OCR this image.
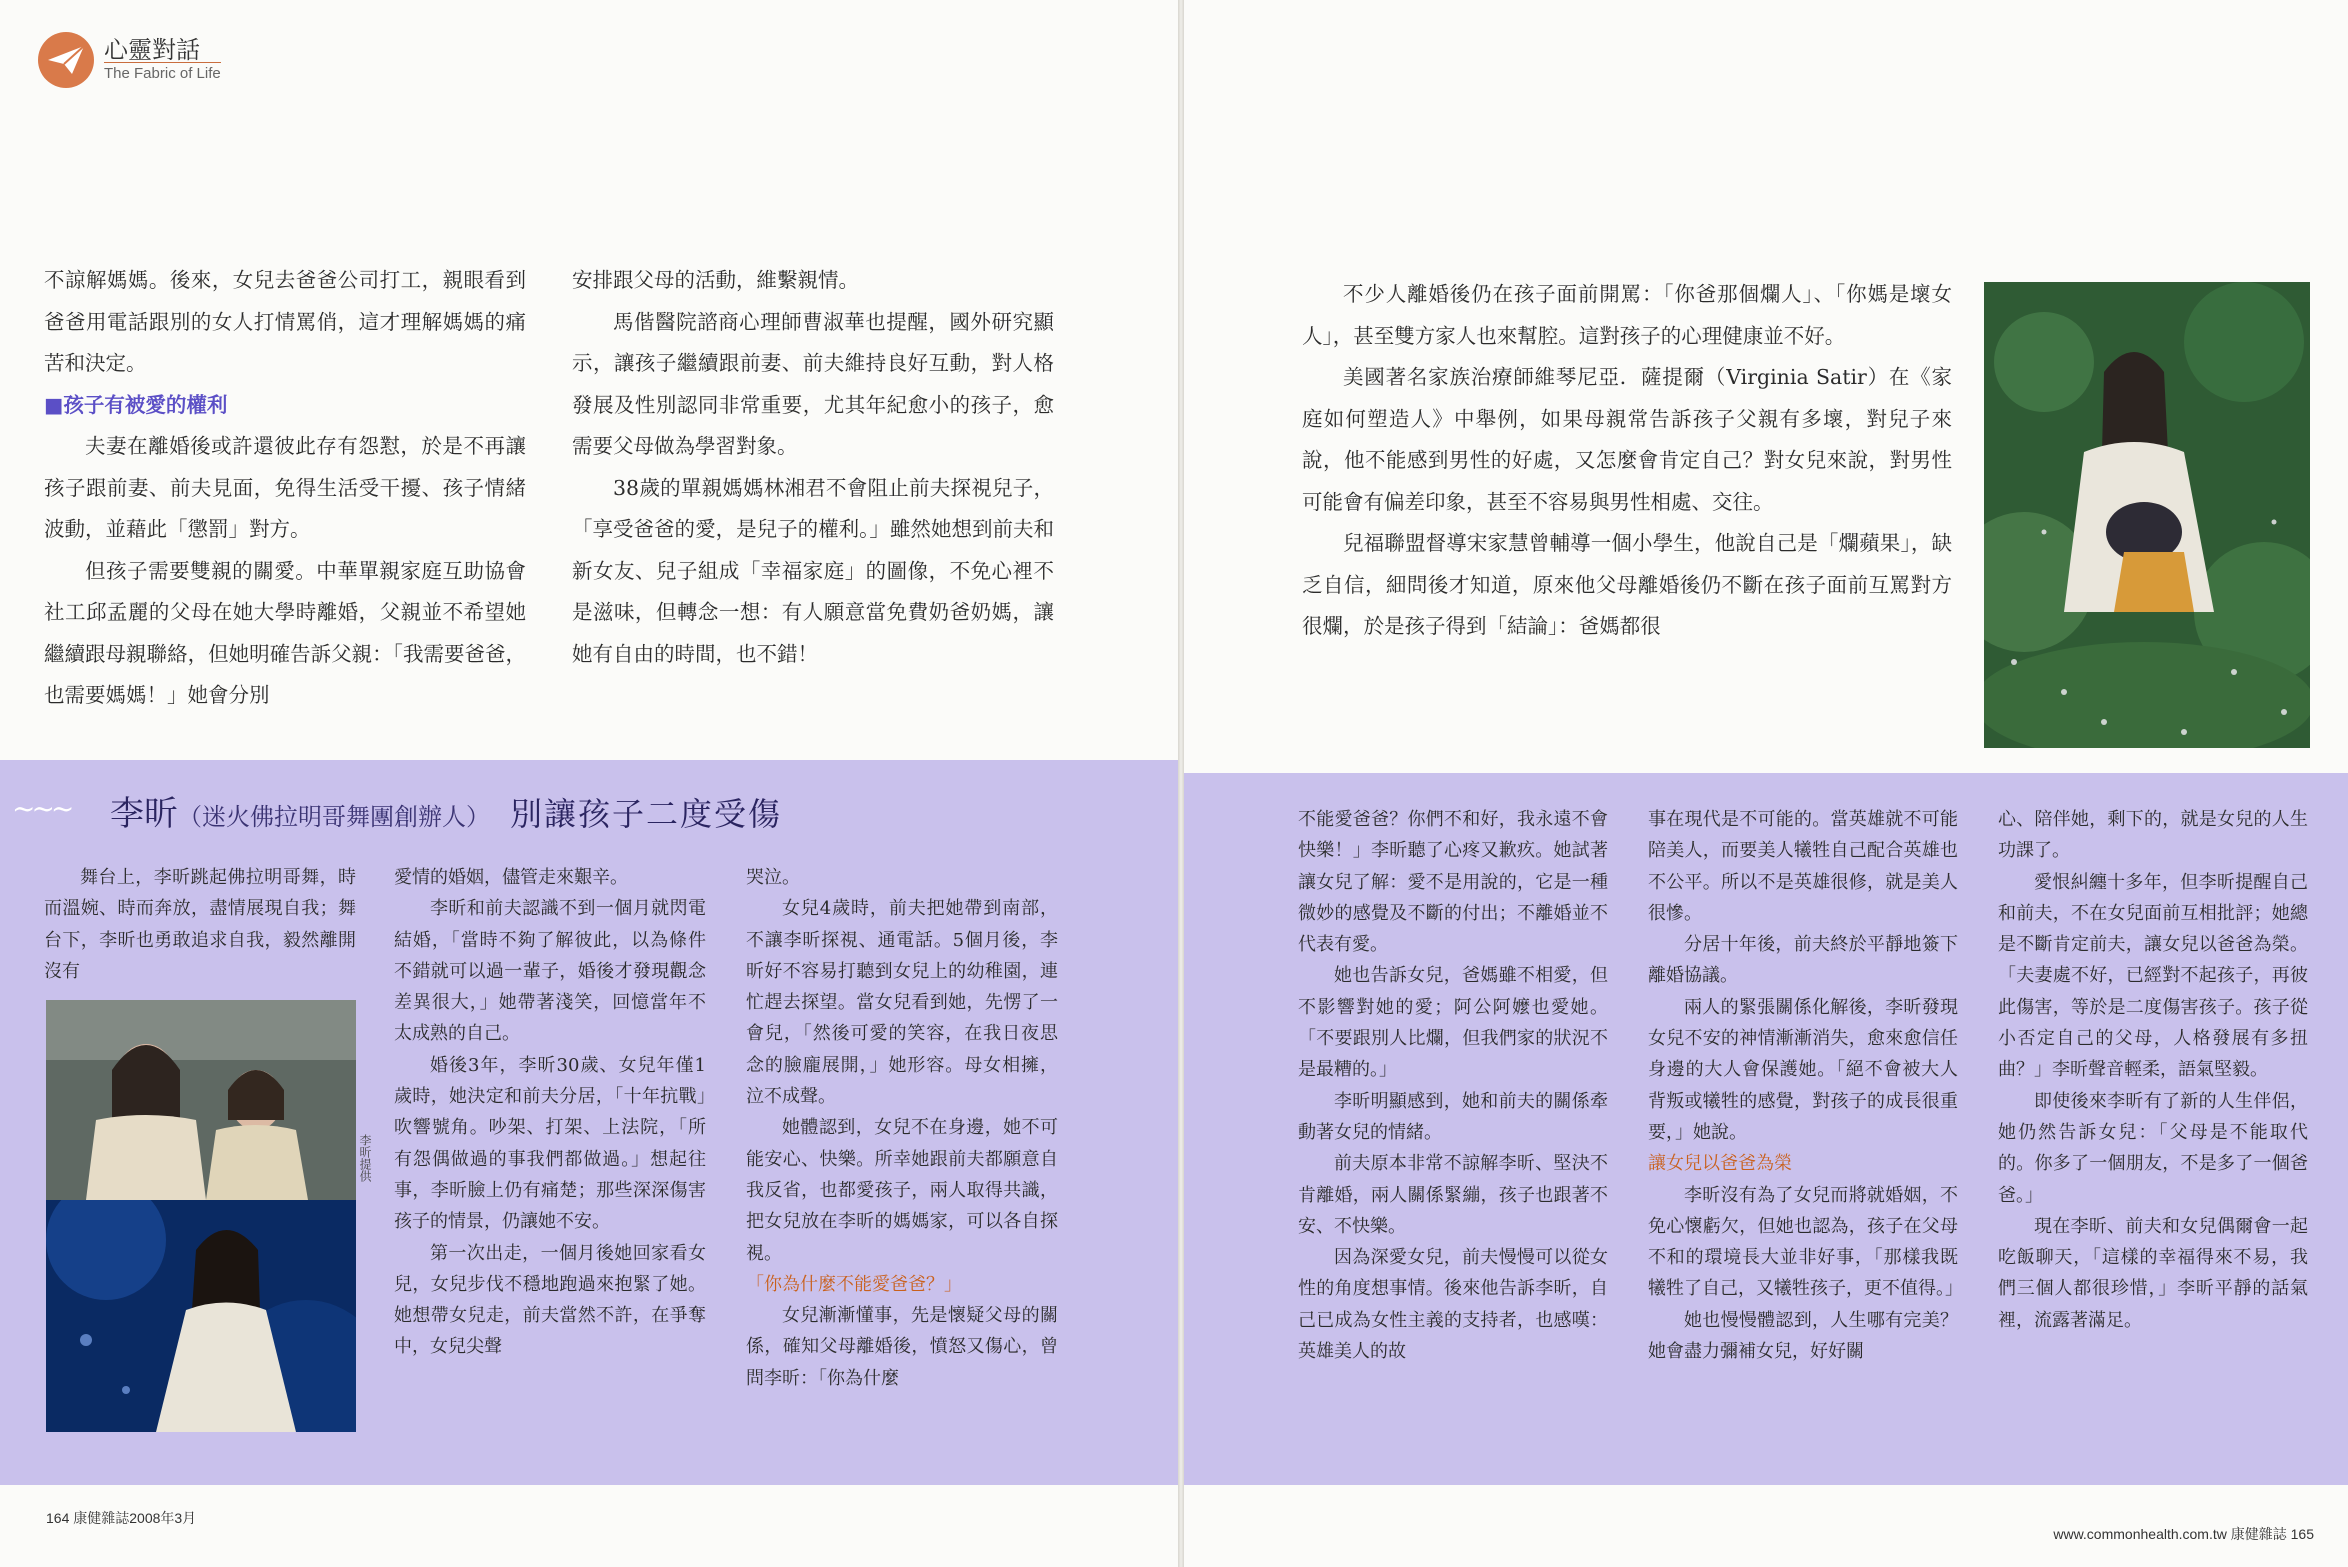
心靈對話
The Fabric of Life

不諒解媽媽。後來，女兒去爸爸公司打工，親眼看到爸爸用電話跟別的女人打情罵俏，這才理解媽媽的痛苦和決定。

■孩子有被愛的權利

夫妻在離婚後或許還彼此存有怨懟，於是不再讓孩子跟前妻、前夫見面，免得生活受干擾、孩子情緒波動，並藉此「懲罰」對方。

但孩子需要雙親的關愛。中華單親家庭互助協會社工邱孟麗的父母在她大學時離婚，父親並不希望她繼續跟母親聯絡，但她明確告訴父親：「我需要爸爸，也需要媽媽！」她會分別

安排跟父母的活動，維繫親情。

馬偕醫院諮商心理師曹淑華也提醒，國外研究顯示，讓孩子繼續跟前妻、前夫維持良好互動，對人格發展及性別認同非常重要，尤其年紀愈小的孩子，愈需要父母做為學習對象。

38歲的單親媽媽林湘君不會阻止前夫探視兒子，「享受爸爸的愛，是兒子的權利。」雖然她想到前夫和新女友、兒子組成「幸福家庭」的圖像，不免心裡不是滋味，但轉念一想：有人願意當免費奶爸奶媽，讓她有自由的時間，也不錯！

不少人離婚後仍在孩子面前開罵：「你爸那個爛人」、「你媽是壞女人」，甚至雙方家人也來幫腔。這對孩子的心理健康並不好。

美國著名家族治療師維琴尼亞．薩提爾（Virginia Satir）在《家庭如何塑造人》中舉例，如果母親常告訴孩子父親有多壞，對兒子來說，他不能感到男性的好處，又怎麼會肯定自己？對女兒來說，對男性可能會有偏差印象，甚至不容易與男性相處、交往。

兒福聯盟督導宋家慧曾輔導一個小學生，他說自己是「爛蘋果」，缺乏自信，細問後才知道，原來他父母離婚後仍不斷在孩子面前互罵對方很爛，於是孩子得到「結論」：爸媽都很

~~~ 李昕（迷火佛拉明哥舞團創辦人） 別讓孩子二度受傷

舞台上，李昕跳起佛拉明哥舞，時而溫婉、時而奔放，盡情展現自我；舞台下，李昕也勇敢追求自我，毅然離開沒有

李昕提供

愛情的婚姻，儘管走來艱辛。

李昕和前夫認識不到一個月就閃電結婚，「當時不夠了解彼此，以為條件不錯就可以過一輩子，婚後才發現觀念差異很大，」她帶著淺笑，回憶當年不太成熟的自己。

婚後3年，李昕30歲、女兒年僅1歲時，她決定和前夫分居，「十年抗戰」吹響號角。吵架、打架、上法院，「所有怨偶做過的事我們都做過。」想起往事，李昕臉上仍有痛楚；那些深深傷害孩子的情景，仍讓她不安。

第一次出走，一個月後她回家看女兒，女兒步伐不穩地跑過來抱緊了她。她想帶女兒走，前夫當然不許，在爭奪中，女兒尖聲

哭泣。

女兒4歲時，前夫把她帶到南部，不讓李昕探視、通電話。5個月後，李昕好不容易打聽到女兒上的幼稚園，連忙趕去探望。當女兒看到她，先愣了一會兒，「然後可愛的笑容，在我日夜思念的臉龐展開，」她形容。母女相擁，泣不成聲。

她體認到，女兒不在身邊，她不可能安心、快樂。所幸她跟前夫都願意自我反省，也都愛孩子，兩人取得共識，把女兒放在李昕的媽媽家，可以各自探視。

「你為什麼不能愛爸爸？」

女兒漸漸懂事，先是懷疑父母的關係，確知父母離婚後，憤怒又傷心，曾問李昕：「你為什麼

不能愛爸爸？你們不和好，我永遠不會快樂！」李昕聽了心疼又歉疚。她試著讓女兒了解：愛不是用說的，它是一種微妙的感覺及不斷的付出；不離婚並不代表有愛。

她也告訴女兒，爸媽雖不相愛，但不影響對她的愛；阿公阿嬤也愛她。「不要跟別人比爛，但我們家的狀況不是最糟的。」

李昕明顯感到，她和前夫的關係牽動著女兒的情緒。

前夫原本非常不諒解李昕、堅決不肯離婚，兩人關係緊繃，孩子也跟著不安、不快樂。

因為深愛女兒，前夫慢慢可以從女性的角度想事情。後來他告訴李昕，自己已成為女性主義的支持者，也感嘆：英雄美人的故

事在現代是不可能的。當英雄就不可能陪美人，而要美人犧牲自己配合英雄也不公平。所以不是英雄很修，就是美人很慘。

分居十年後，前夫終於平靜地簽下離婚協議。

兩人的緊張關係化解後，李昕發現女兒不安的神情漸漸消失，愈來愈信任身邊的大人會保護她。「絕不會被大人背叛或犧牲的感覺，對孩子的成長很重要，」她說。

讓女兒以爸爸為榮

李昕沒有為了女兒而將就婚姻，不免心懷虧欠，但她也認為，孩子在父母不和的環境長大並非好事，「那樣我既犧牲了自己，又犧牲孩子，更不值得。」

她也慢慢體認到，人生哪有完美？她會盡力彌補女兒，好好關

心、陪伴她，剩下的，就是女兒的人生功課了。

愛恨糾纏十多年，但李昕提醒自己和前夫，不在女兒面前互相批評；她總是不斷肯定前夫，讓女兒以爸爸為榮。「夫妻處不好，已經對不起孩子，再彼此傷害，等於是二度傷害孩子。孩子從小否定自己的父母，人格發展有多扭曲？」李昕聲音輕柔，語氣堅毅。

即使後來李昕有了新的人生伴侶，她仍然告訴女兒：「父母是不能取代的。你多了一個朋友，不是多了一個爸爸。」

現在李昕、前夫和女兒偶爾會一起吃飯聊天，「這樣的幸福得來不易，我們三個人都很珍惜，」李昕平靜的話氣裡，流露著滿足。

164 康健雜誌2008年3月
www.commonhealth.com.tw 康健雜誌 165
